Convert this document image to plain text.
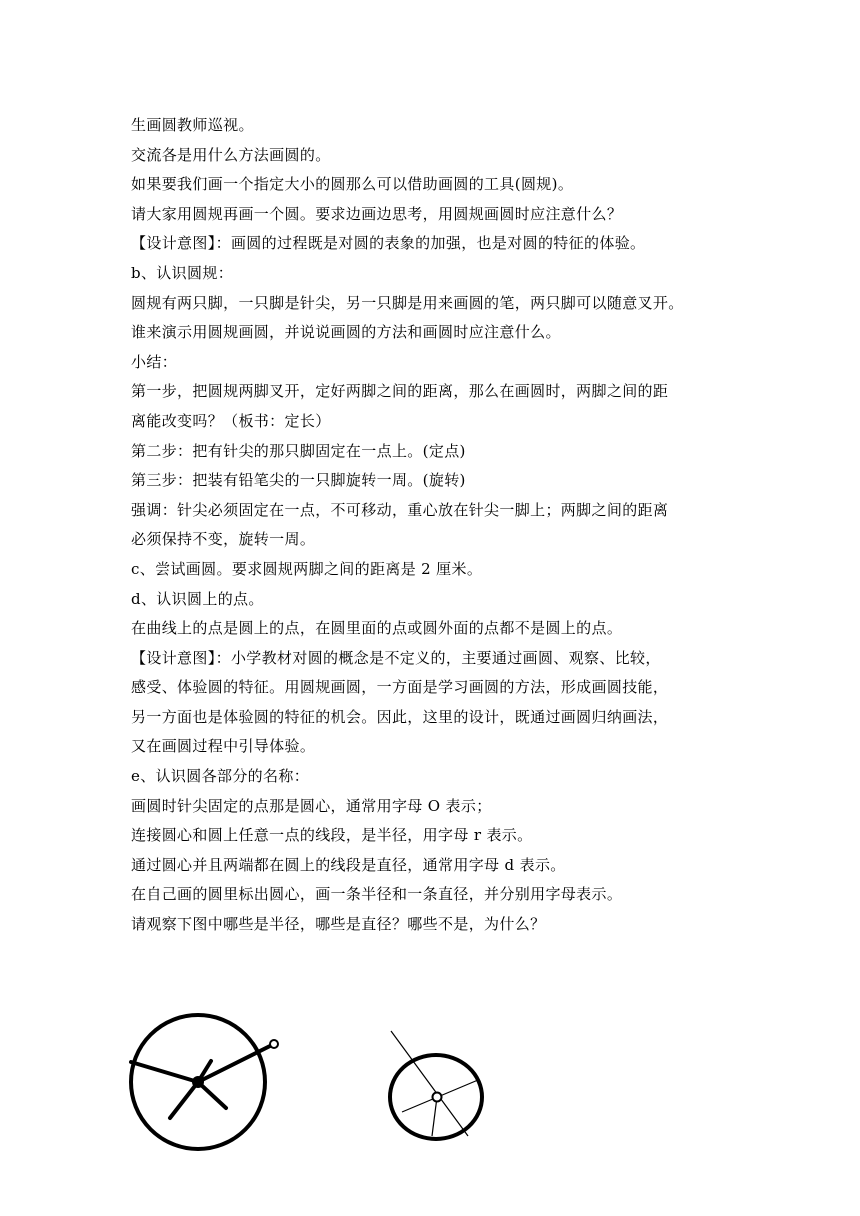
生画圆教师巡视。
交流各是用什么方法画圆的。
如果要我们画一个指定大小的圆那么可以借助画圆的工具(圆规)。
请大家用圆规再画一个圆。要求边画边思考，用圆规画圆时应注意什么？
【设计意图】：画圆的过程既是对圆的表象的加强，也是对圆的特征的体验。
b、认识圆规：
圆规有两只脚，一只脚是针尖，另一只脚是用来画圆的笔，两只脚可以随意叉开。
谁来演示用圆规画圆，并说说画圆的方法和画圆时应注意什么。
小结：
第一步，把圆规两脚叉开，定好两脚之间的距离，那么在画圆时，两脚之间的距
离能改变吗？（板书：定长）
第二步：把有针尖的那只脚固定在一点上。(定点)
第三步：把装有铅笔尖的一只脚旋转一周。(旋转)
强调：针尖必须固定在一点，不可移动，重心放在针尖一脚上；两脚之间的距离
必须保持不变，旋转一周。
c、尝试画圆。要求圆规两脚之间的距离是 2 厘米。
d、认识圆上的点。
在曲线上的点是圆上的点，在圆里面的点或圆外面的点都不是圆上的点。
【设计意图】：小学教材对圆的概念是不定义的，主要通过画圆、观察、比较，
感受、体验圆的特征。用圆规画圆，一方面是学习画圆的方法，形成画圆技能，
另一方面也是体验圆的特征的机会。因此，这里的设计，既通过画圆归纳画法，
又在画圆过程中引导体验。
e、认识圆各部分的名称：
画圆时针尖固定的点那是圆心，通常用字母 O 表示；
连接圆心和圆上任意一点的线段，是半径，用字母 r 表示。
通过圆心并且两端都在圆上的线段是直径，通常用字母 d 表示。
在自己画的圆里标出圆心，画一条半径和一条直径，并分别用字母表示。
请观察下图中哪些是半径，哪些是直径？哪些不是，为什么？
